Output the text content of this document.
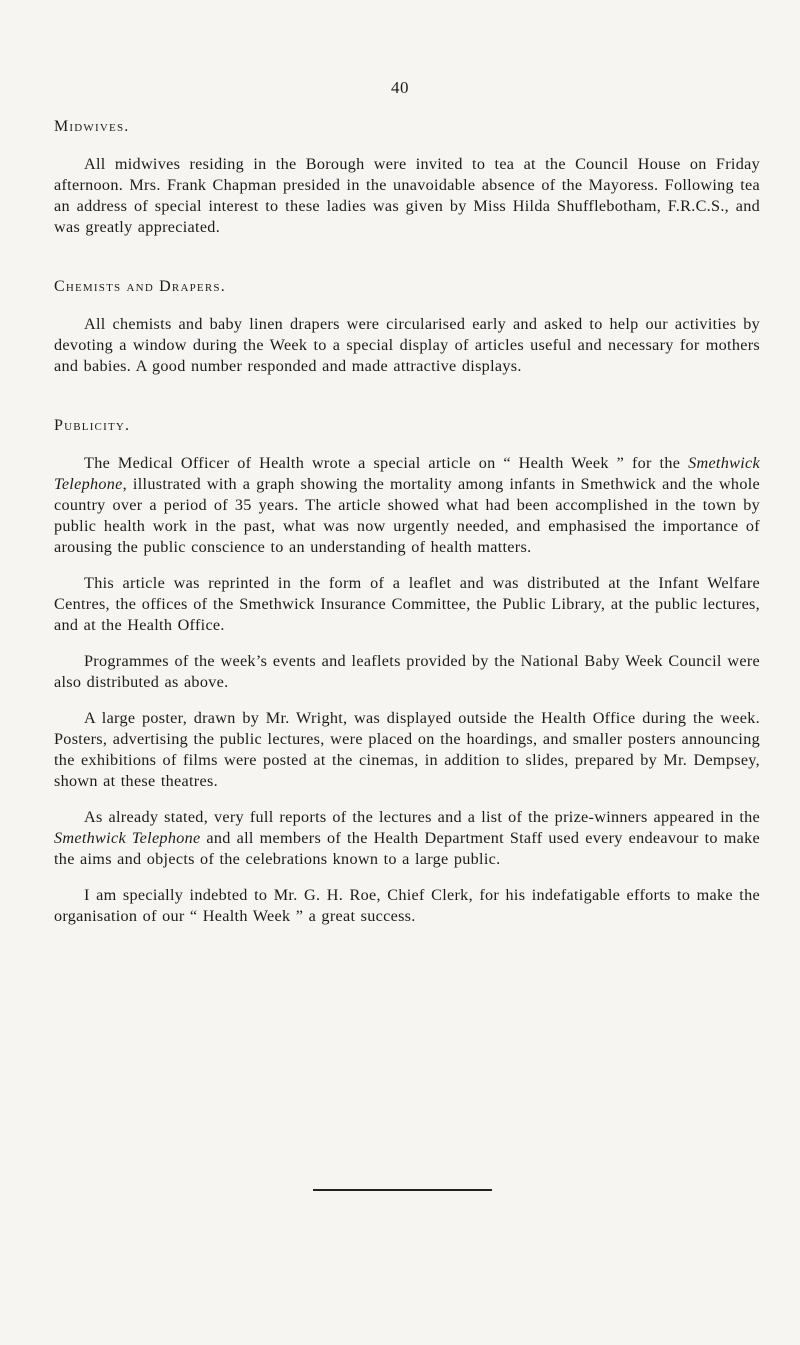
40
Midwives.

All midwives residing in the Borough were invited to tea at the Council House on Friday afternoon. Mrs. Frank Chapman presided in the unavoidable absence of the Mayoress. Following tea an address of special interest to these ladies was given by Miss Hilda Shufflebotham, F.R.C.S., and was greatly appreciated.

Chemists and Drapers.

All chemists and baby linen drapers were circularised early and asked to help our activities by devoting a window during the Week to a special display of articles useful and necessary for mothers and babies. A good number responded and made attractive displays.

Publicity.

The Medical Officer of Health wrote a special article on “ Health Week ” for the Smethwick Telephone, illustrated with a graph showing the mortality among infants in Smethwick and the whole country over a period of 35 years. The article showed what had been accomplished in the town by public health work in the past, what was now urgently needed, and emphasised the importance of arousing the public conscience to an understanding of health matters.

This article was reprinted in the form of a leaflet and was distributed at the Infant Welfare Centres, the offices of the Smethwick Insurance Committee, the Public Library, at the public lectures, and at the Health Office.

Programmes of the week’s events and leaflets provided by the National Baby Week Council were also distributed as above.

A large poster, drawn by Mr. Wright, was displayed outside the Health Office during the week. Posters, advertising the public lectures, were placed on the hoardings, and smaller posters announcing the exhibitions of films were posted at the cinemas, in addition to slides, prepared by Mr. Dempsey, shown at these theatres.

As already stated, very full reports of the lectures and a list of the prize-winners appeared in the Smethwick Telephone and all members of the Health Department Staff used every endeavour to make the aims and objects of the celebrations known to a large public.

I am specially indebted to Mr. G. H. Roe, Chief Clerk, for his indefatigable efforts to make the organisation of our “ Health Week ” a great success.
